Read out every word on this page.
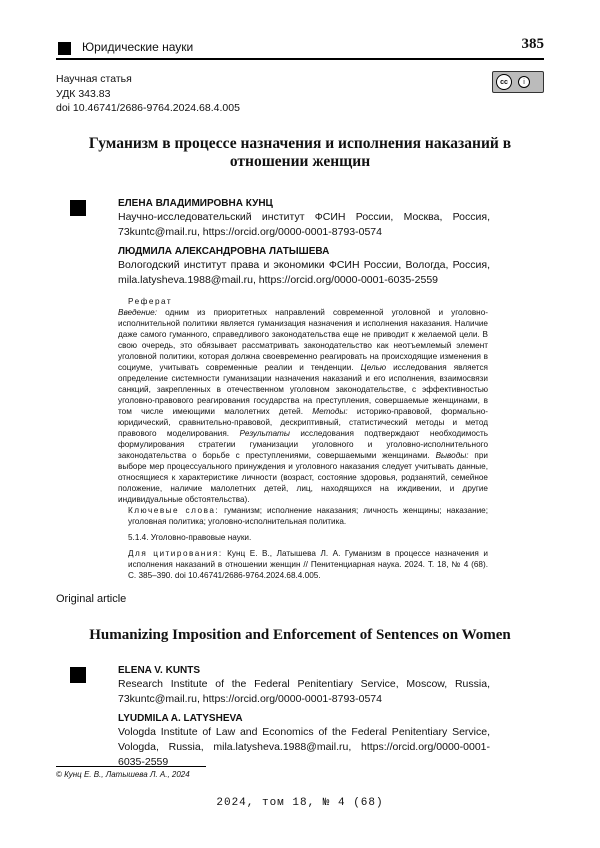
Юридические науки	385
Научная статья
УДК 343.83
doi 10.46741/2686-9764.2024.68.4.005
cc	i
Гуманизм в процессе назначения и исполнения наказаний в отношении женщин
ЕЛЕНА ВЛАДИМИРОВНА КУНЦ
Научно-исследовательский институт ФСИН России, Москва, Россия, 73kuntc@mail.ru, https://orcid.org/0000-0001-8793-0574
ЛЮДМИЛА АЛЕКСАНДРОВНА ЛАТЫШЕВА
Вологодский институт права и экономики ФСИН России, Вологда, Россия, mila.latysheva.1988@mail.ru, https://orcid.org/0000-0001-6035-2559
Реферат
Введение: одним из приоритетных направлений современной уголовной и уголовно-исполнительной политики является гуманизация назначения и исполнения наказания. Наличие даже самого гуманного, справедливого законодательства еще не приводит к желаемой цели. В свою очередь, это обязывает рассматривать законодательство как неотъемлемый элемент уголовной политики, которая должна своевременно реагировать на происходящие изменения в социуме, учитывать современные реалии и тенденции. Целью исследования является определение системности гуманизации назначения наказаний и его исполнения, взаимосвязи санкций, закрепленных в отечественном уголовном законодательстве, с эффективностью уголовно-правового реагирования государства на преступления, совершаемые женщинами, в том числе имеющими малолетних детей. Методы: историко-правовой, формально-юридический, сравнительно-правовой, дескриптивный, статистический методы и метод правового моделирования. Результаты исследования подтверждают необходимость формулирования стратегии гуманизации уголовного и уголовно-исполнительного законодательства о борьбе с преступлениями, совершаемыми женщинами. Выводы: при выборе мер процессуального принуждения и уголовного наказания следует учитывать данные, относящиеся к характеристике личности (возраст, состояние здоровья, родзанятий, семейное положение, наличие малолетних детей, лиц, находящихся на иждивении, и другие индивидуальные обстоятельства).
Ключевые слова: гуманизм; исполнение наказания; личность женщины; наказание; уголовная политика; уголовно-исполнительная политика.
5.1.4. Уголовно-правовые науки.
Для цитирования: Кунц Е. В., Латышева Л. А. Гуманизм в процессе назначения и исполнения наказаний в отношении женщин // Пенитенциарная наука. 2024. Т. 18, № 4 (68). С. 385–390. doi 10.46741/2686-9764.2024.68.4.005.
Original article
Humanizing Imposition and Enforcement of Sentences on Women
ELENA V. KUNTS
Research Institute of the Federal Penitentiary Service, Moscow, Russia, 73kuntc@mail.ru, https://orcid.org/0000-0001-8793-0574
LYUDMILA A. LATYSHEVA
Vologda Institute of Law and Economics of the Federal Penitentiary Service, Vologda, Russia, mila.latysheva.1988@mail.ru, https://orcid.org/0000-0001-6035-2559
© Кунц Е. В., Латышева Л. А., 2024
2024, том 18, № 4 (68)
